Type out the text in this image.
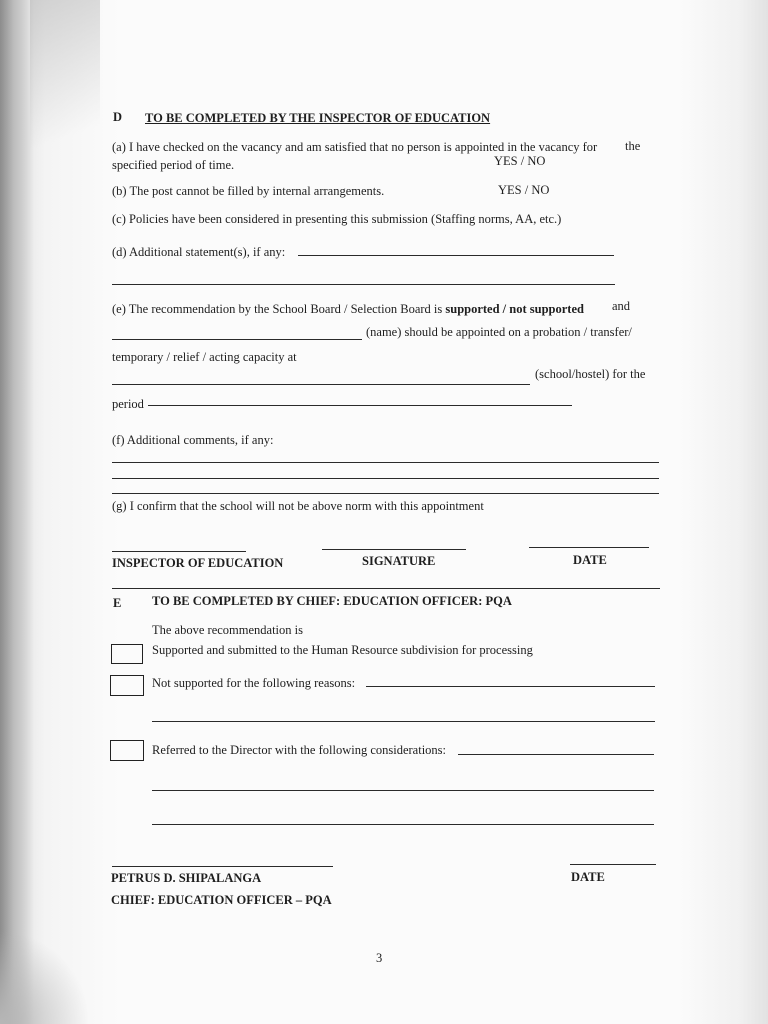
D TO BE COMPLETED BY THE INSPECTOR OF EDUCATION
(a) I have checked on the vacancy and am satisfied that no person is appointed in the vacancy for the
specified period of time.	YES / NO
(b) The post cannot be filled by internal arrangements.	YES / NO
(c) Policies have been considered in presenting this submission (Staffing norms, AA, etc.)
(d) Additional statement(s), if any:
(e) The recommendation by the School Board / Selection Board is supported / not supported and
(name) should be appointed on a probation / transfer/
temporary / relief / acting capacity at
(school/hostel) for the
period
(f) Additional comments, if any:
(g) I confirm that the school will not be above norm with this appointment
INSPECTOR OF EDUCATION	SIGNATURE	DATE
E TO BE COMPLETED BY CHIEF: EDUCATION OFFICER: PQA
The above recommendation is
Supported and submitted to the Human Resource subdivision for processing
Not supported for the following reasons:
Referred to the Director with the following considerations:
PETRUS D. SHIPALANGA	DATE
CHIEF: EDUCATION OFFICER – PQA
3
